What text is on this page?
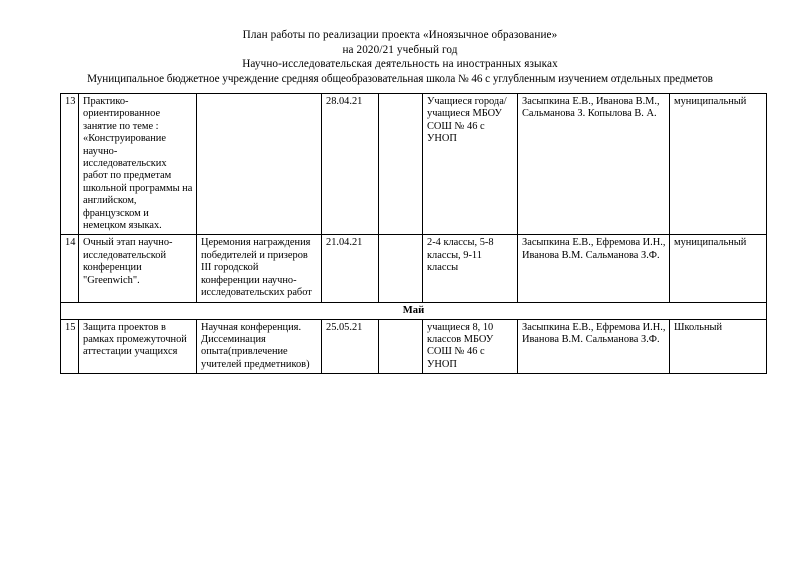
План работы по реализации проекта «Иноязычное образование»
на 2020/21 учебный год
Научно-исследовательская деятельность на иностранных языках
Муниципальное бюджетное учреждение средняя общеобразовательная школа № 46 с углубленным изучением отдельных предметов
13	Практико-ориентированное занятие по теме : «Конструирование научно-исследовательских работ по предметам школьной программы на английском, французском и немецком языках.		28.04.21		Учащиеся города/учащиеся МБОУ СОШ № 46 с УНОП	Засыпкина Е.В., Иванова В.М., Сальманова З. Копылова В. А.	муниципальный
14	Очный этап научно-исследовательской конференции "Greenwich".	Церемония награждения победителей и призеров III городской конференции научно-исследовательских работ	21.04.21		2-4 классы, 5-8 классы, 9-11 классы	Засыпкина Е.В., Ефремова И.Н., Иванова В.М. Сальманова З.Ф.	муниципальный
Май							
15	Защита проектов в рамках промежуточной аттестации учащихся	Научная конференция. Диссеминация опыта(привлечение учителей предметников)	25.05.21		учащиеся 8, 10 классов МБОУ СОШ № 46 с УНОП	Засыпкина Е.В., Ефремова И.Н., Иванова В.М. Сальманова З.Ф.	Школьный
